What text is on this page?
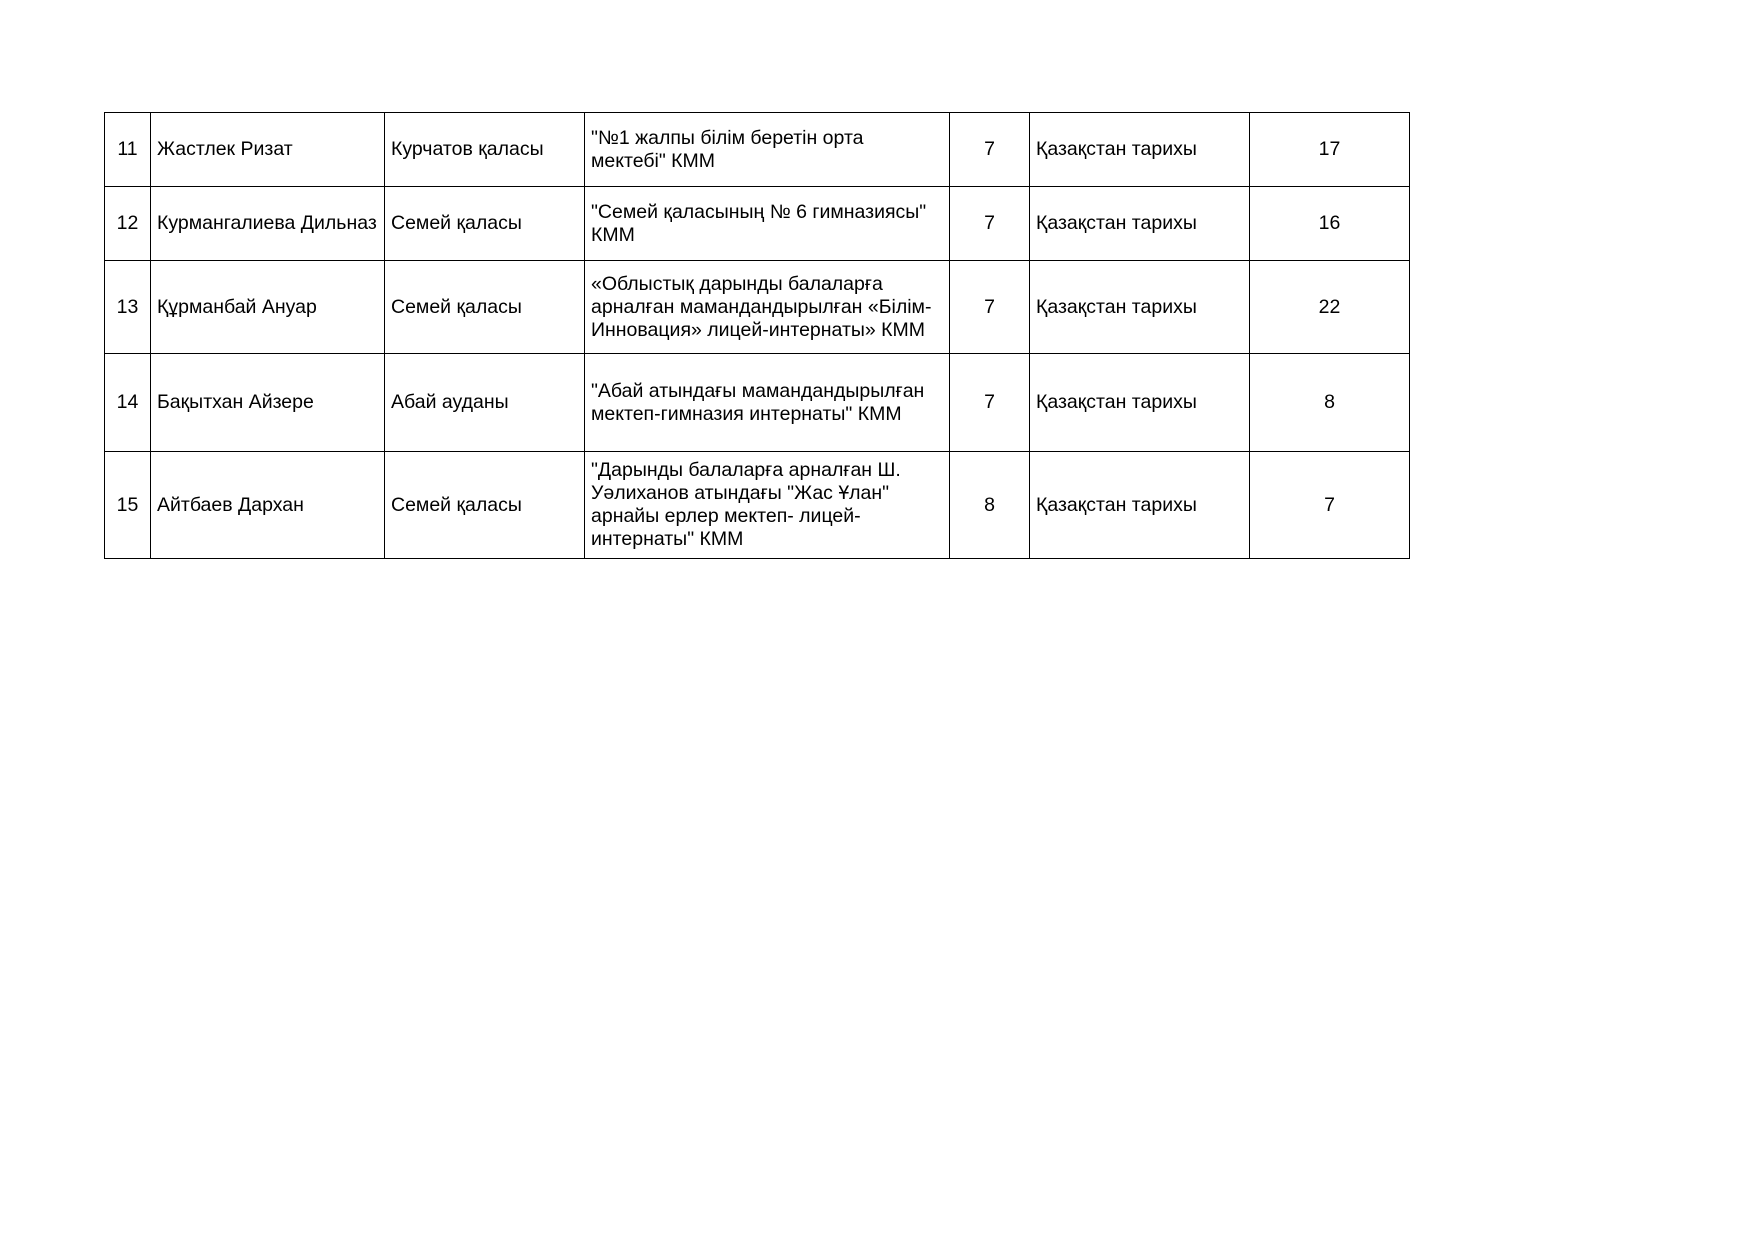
11	Жастлек Ризат	Курчатов қаласы	"№1 жалпы білім беретін орта мектебі" КММ	7	Қазақстан тарихы	17
12	Курмангалиева Дильназ	Семей қаласы	"Семей қаласының № 6 гимназиясы" КММ	7	Қазақстан тарихы	16
13	Құрманбай Ануар	Семей қаласы	«Облыстық дарынды балаларға арналған мамандандырылған «Білім-Инновация» лицей-интернаты» КММ	7	Қазақстан тарихы	22
14	Бақытхан Айзере	Абай ауданы	"Абай атындағы мамандандырылған мектеп-гимназия интернаты" КММ	7	Қазақстан тарихы	8
15	Айтбаев Дархан	Семей қаласы	"Дарынды балаларға арналған Ш. Уәлиханов атындағы "Жас Ұлан" арнайы ерлер мектеп- лицей-интернаты" КММ	8	Қазақстан тарихы	7
